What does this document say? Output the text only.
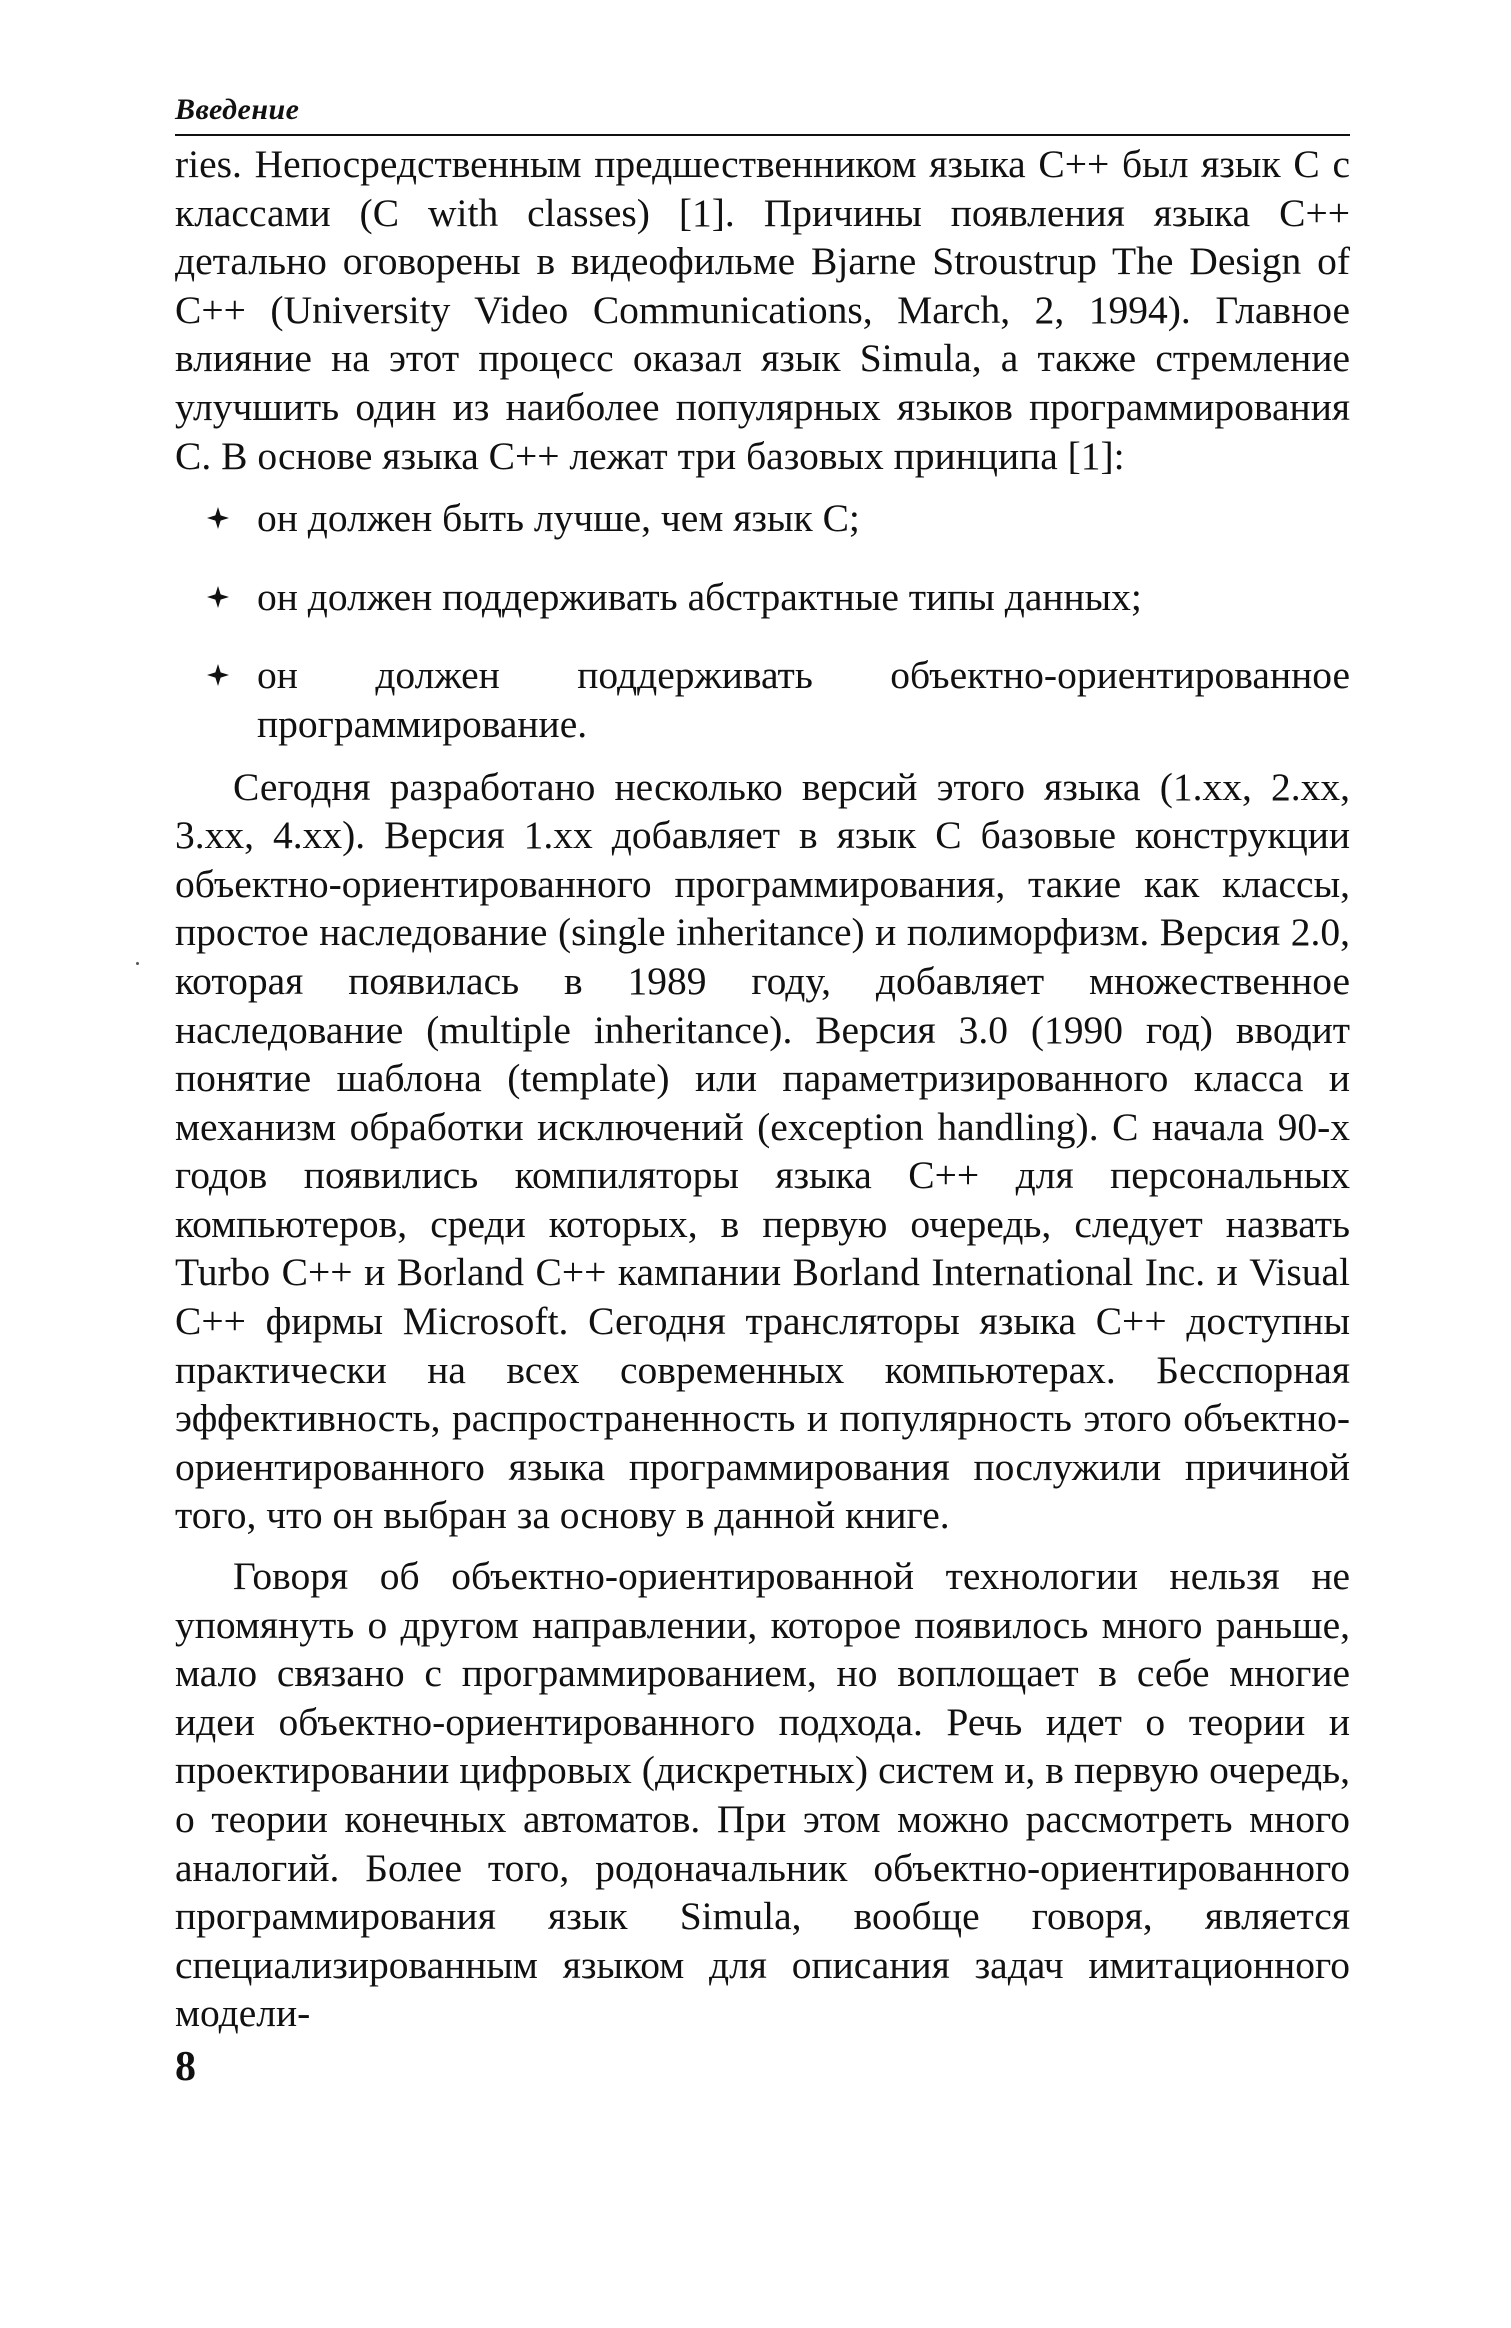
Введение

ries. Непосредственным предшественником языка С++ был язык С с классами (С with classes) [1]. Причины появления языка С++ детально оговорены в видеофильме Bjarne Stroustrup The Design of C++ (University Video Communications, March, 2, 1994). Главное влияние на этот процесс оказал язык Simula, а также стремление улучшить один из наиболее популярных языков программирования С. В основе языка С++ лежат три базовых принципа [1]:

он должен быть лучше, чем язык С;
он должен поддерживать абстрактные типы данных;
он должен поддерживать объектно-ориентированное программирование.

Сегодня разработано несколько версий этого языка (1.хх, 2.хх, 3.хх, 4.хх). Версия 1.хх добавляет в язык С базовые конструкции объектно-ориентированного программирования, такие как классы, простое наследование (single inheritance) и полиморфизм. Версия 2.0, которая появилась в 1989 году, добавляет множественное наследование (multiple inheritance). Версия 3.0 (1990 год) вводит понятие шаблона (template) или параметризированного класса и механизм обработки исключений (exception handling). С начала 90-х годов появились компиляторы языка С++ для персональных компьютеров, среди которых, в первую очередь, следует назвать Turbo C++ и Borland C++ кампании Borland International Inc. и Visual C++ фирмы Microsoft. Сегодня трансляторы языка С++ доступны практически на всех современных компьютерах. Бесспорная эффективность, распространенность и популярность этого объектно-ориентированного языка программирования послужили причиной того, что он выбран за основу в данной книге.

Говоря об объектно-ориентированной технологии нельзя не упомянуть о другом направлении, которое появилось много раньше, мало связано с программированием, но воплощает в себе многие идеи объектно-ориентированного подхода. Речь идет о теории и проектировании цифровых (дискретных) систем и, в первую очередь, о теории конечных автоматов. При этом можно рассмотреть много аналогий. Более того, родоначальник объектно-ориентированного программирования язык Simula, вообще говоря, является специализированным языком для описания задач имитационного модели-

8
